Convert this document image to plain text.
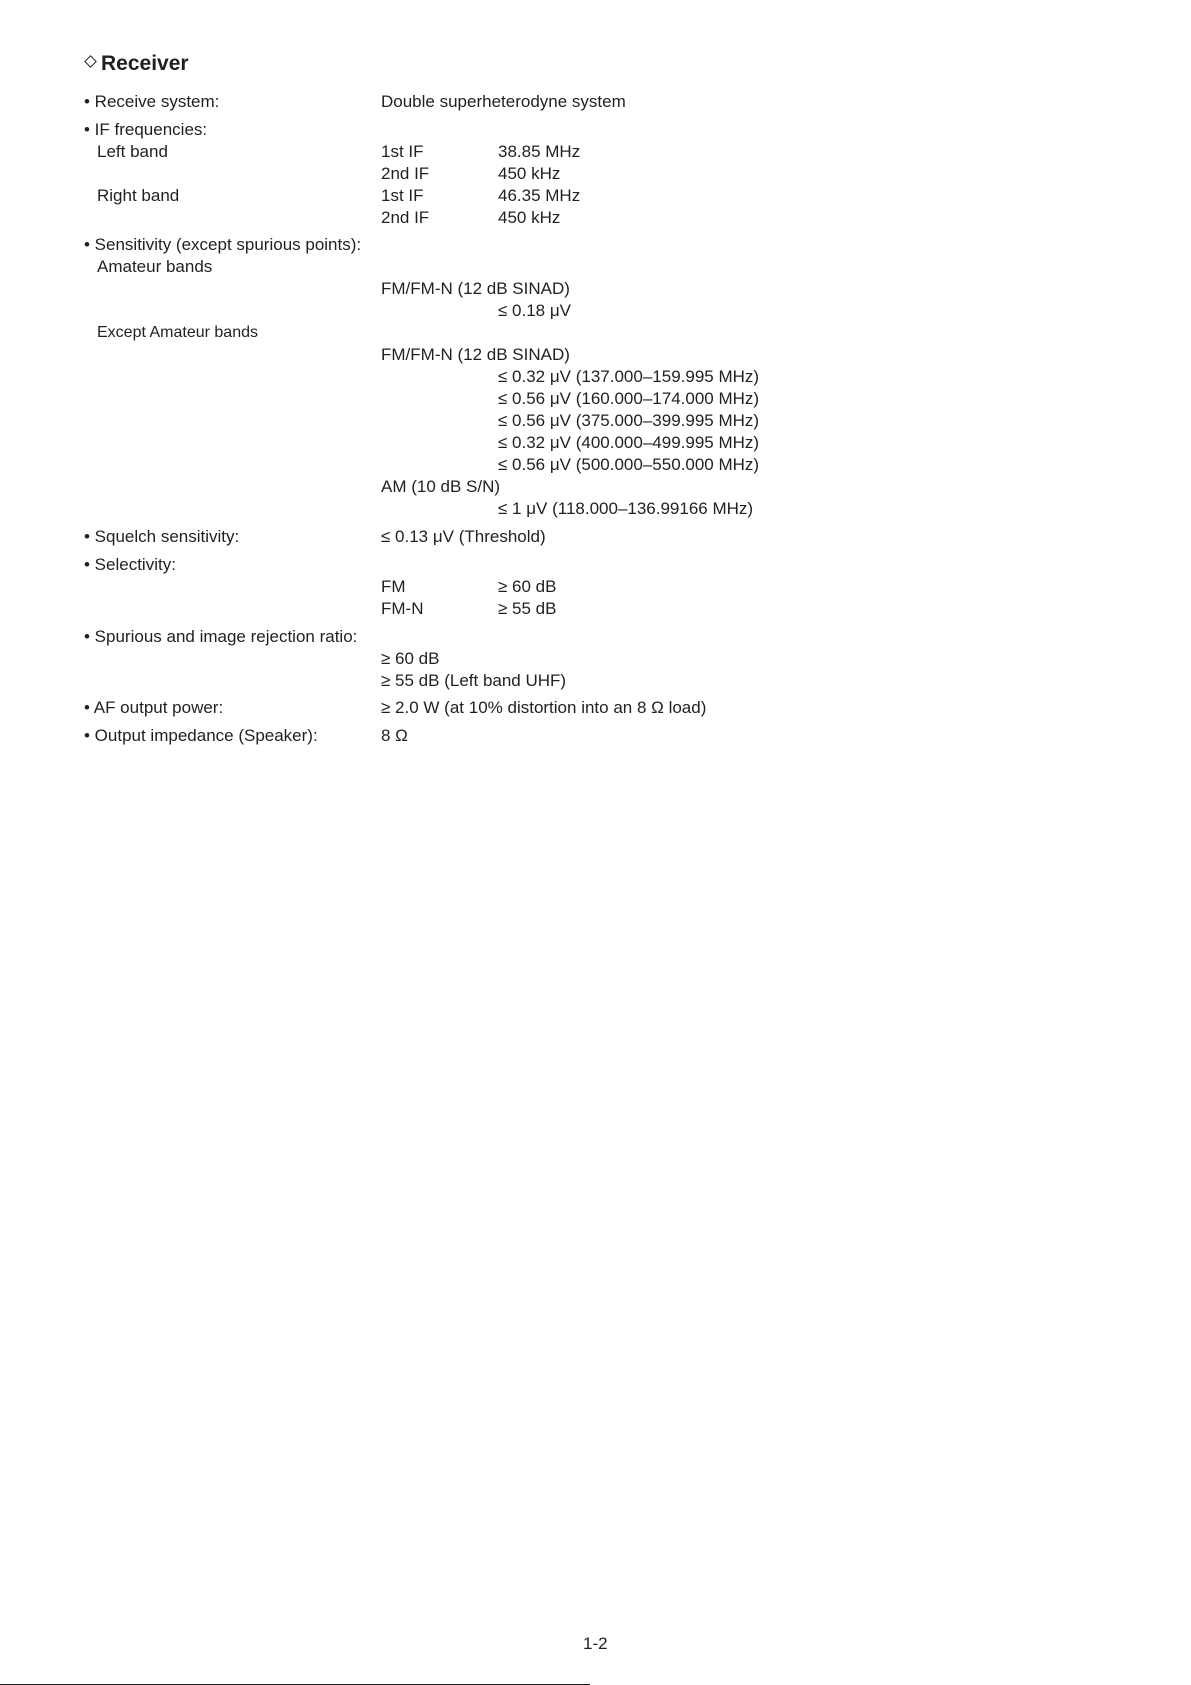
Receiver
• Receive system:	Double superheterodyne system
• IF frequencies:
Left band	1st IF	38.85 MHz
2nd IF	450 kHz
Right band	1st IF	46.35 MHz
2nd IF	450 kHz
• Sensitivity (except spurious points):
Amateur bands
FM/FM-N (12 dB SINAD)
≤ 0.18 μV
Except Amateur bands
FM/FM-N (12 dB SINAD)
≤ 0.32 μV (137.000–159.995 MHz)
≤ 0.56 μV (160.000–174.000 MHz)
≤ 0.56 μV (375.000–399.995 MHz)
≤ 0.32 μV (400.000–499.995 MHz)
≤ 0.56 μV (500.000–550.000 MHz)
AM (10 dB S/N)
≤ 1 μV (118.000–136.99166 MHz)
• Squelch sensitivity:	≤ 0.13 μV (Threshold)
• Selectivity:
FM	≥ 60 dB
FM-N	≥ 55 dB
• Spurious and image rejection ratio:
≥ 60 dB
≥ 55 dB (Left band UHF)
• AF output power:	≥ 2.0 W (at 10% distortion into an 8 Ω load)
• Output impedance (Speaker):	8 Ω
1-2
